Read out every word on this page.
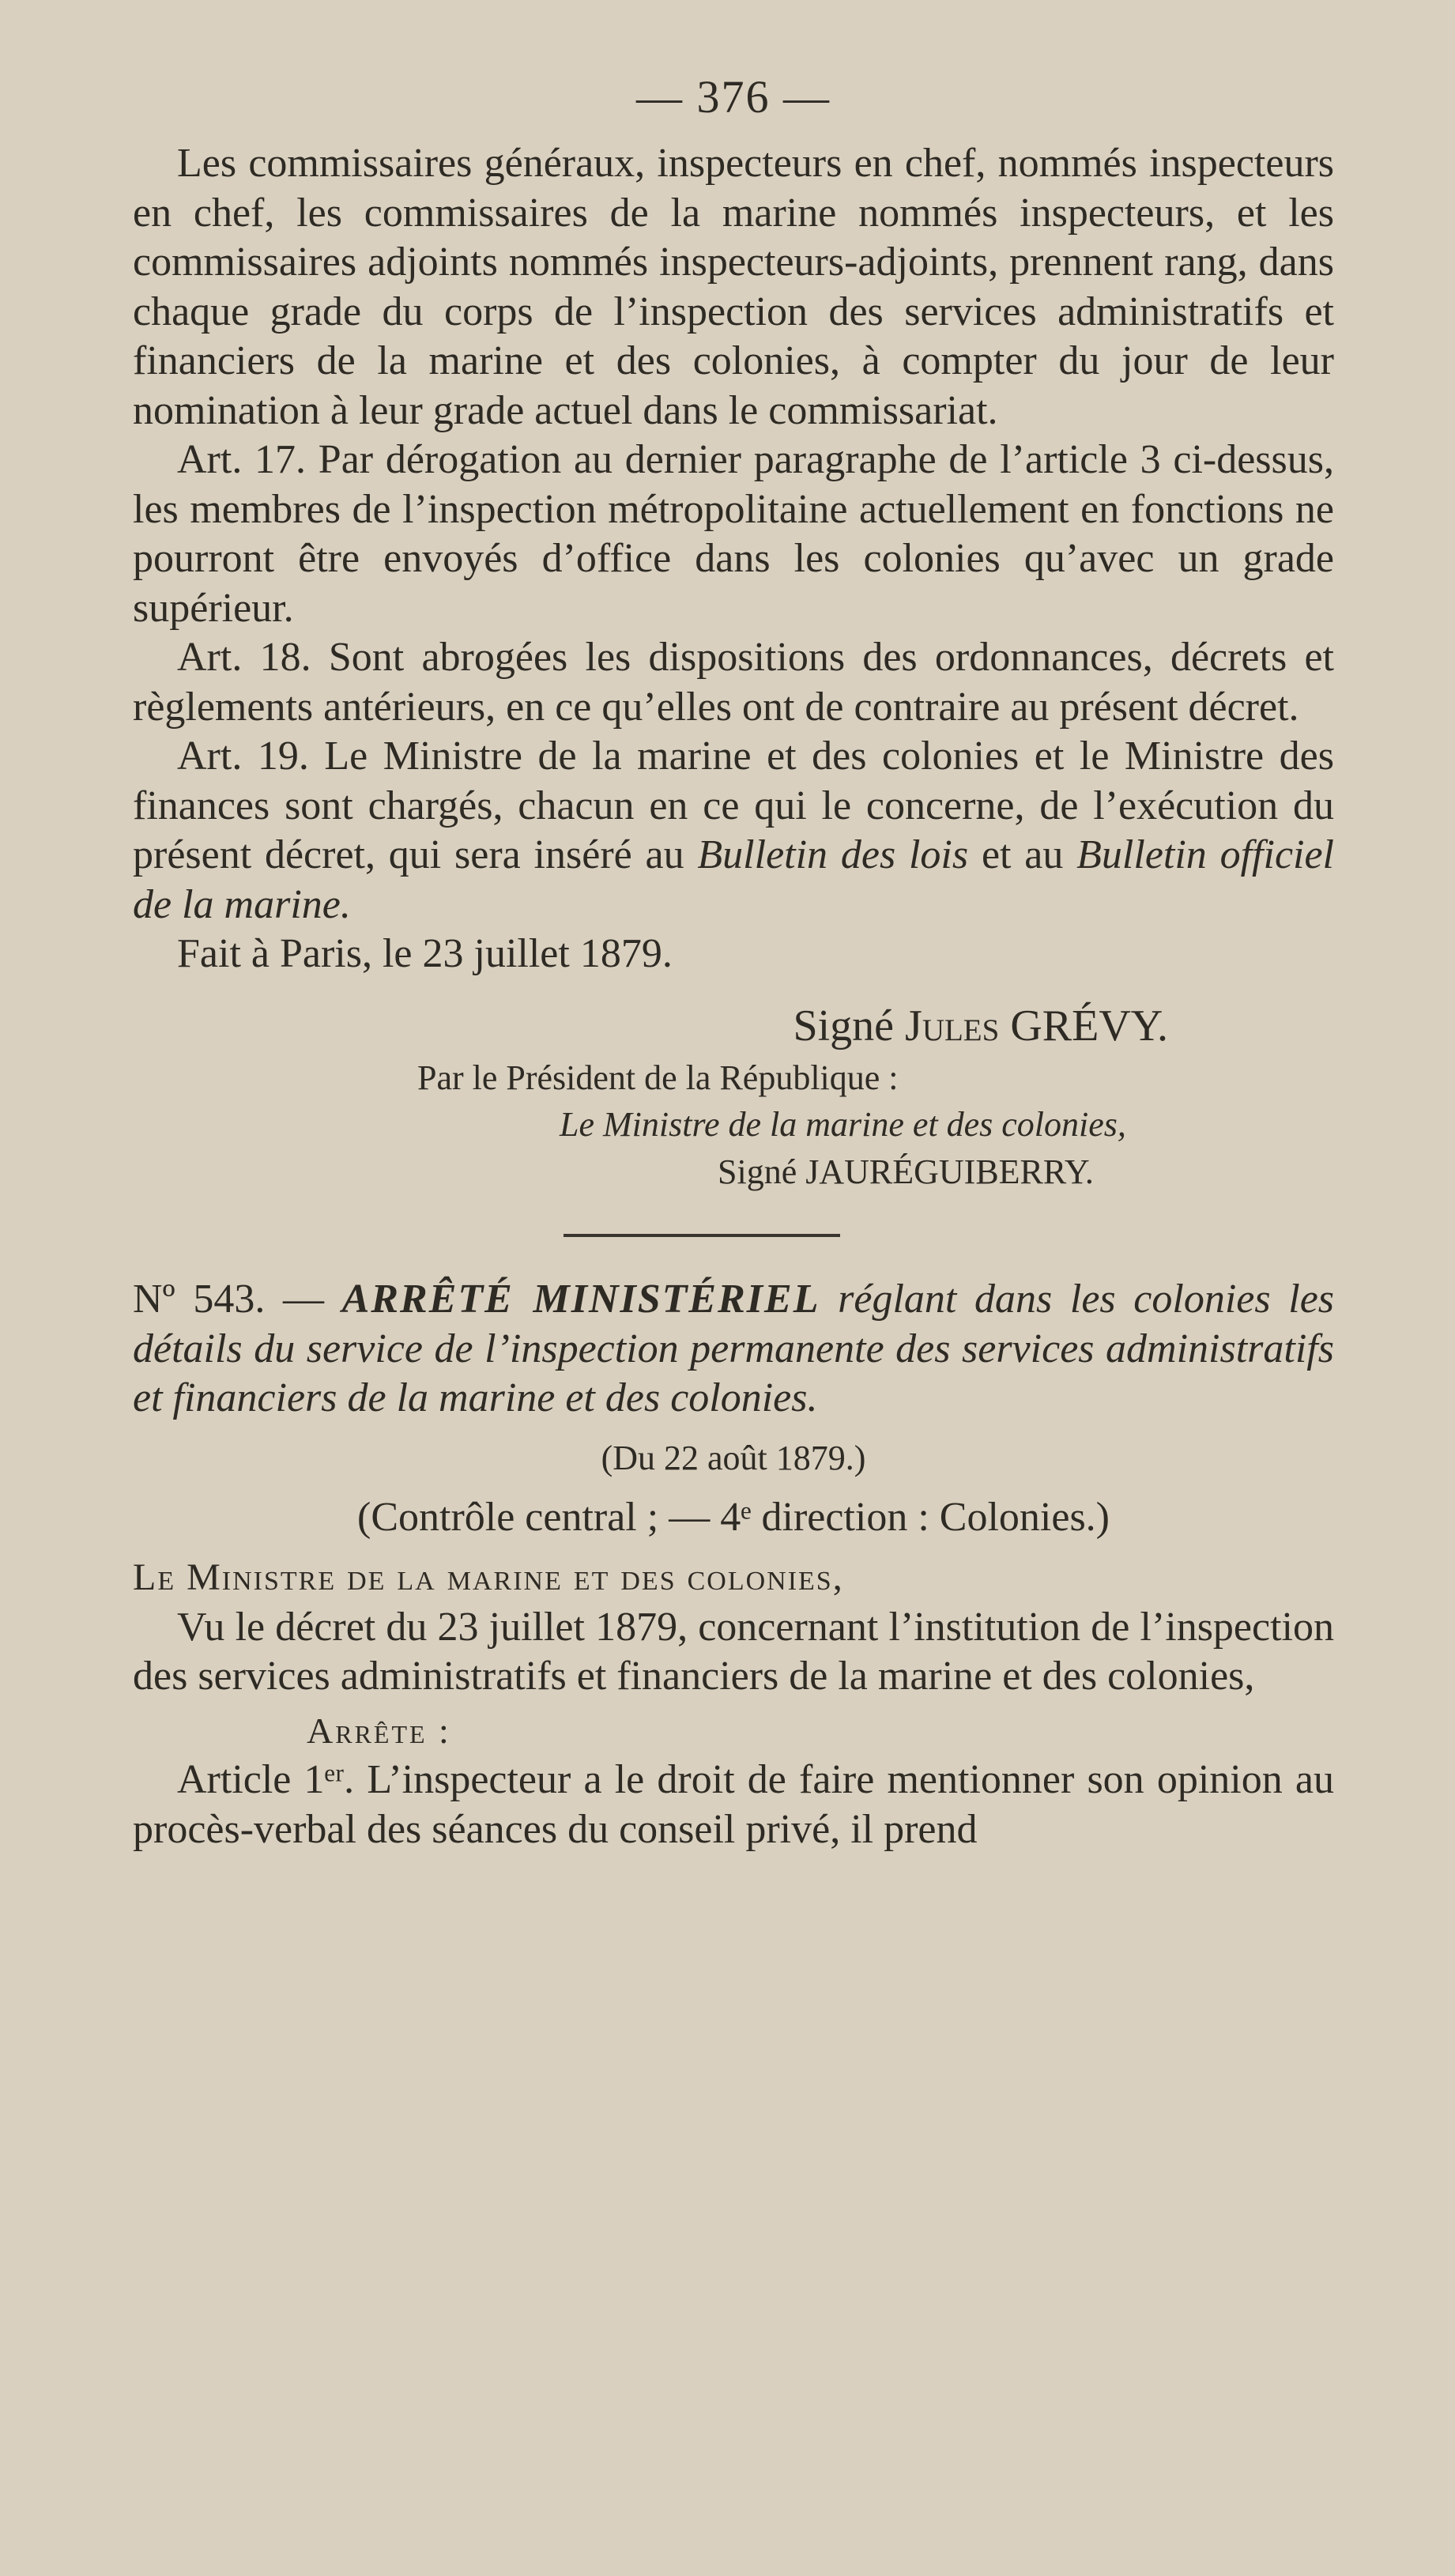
— 376 —

Les commissaires généraux, inspecteurs en chef, nommés inspecteurs en chef, les commissaires de la marine nommés inspecteurs, et les commissaires adjoints nommés inspecteurs-adjoints, prennent rang, dans chaque grade du corps de l’inspection des services administratifs et financiers de la marine et des colonies, à compter du jour de leur nomination à leur grade actuel dans le commissariat.

Art. 17. Par dérogation au dernier paragraphe de l’article 3 ci-dessus, les membres de l’inspection métropolitaine actuellement en fonctions ne pourront être envoyés d’office dans les colonies qu’avec un grade supérieur.

Art. 18. Sont abrogées les dispositions des ordonnances, décrets et règlements antérieurs, en ce qu’elles ont de contraire au présent décret.

Art. 19. Le Ministre de la marine et des colonies et le Ministre des finances sont chargés, chacun en ce qui le concerne, de l’exécution du présent décret, qui sera inséré au Bulletin des lois et au Bulletin officiel de la marine.

Fait à Paris, le 23 juillet 1879.

Signé Jules GRÉVY.

Par le Président de la République :

Le Ministre de la marine et des colonies,

Signé JAURÉGUIBERRY.

Nº 543. — ARRÊTÉ MINISTÉRIEL réglant dans les colonies les détails du service de l’inspection permanente des services administratifs et financiers de la marine et des colonies.

(Du 22 août 1879.)

(Contrôle central ; — 4ᵉ direction : Colonies.)

Le Ministre de la marine et des colonies,

Vu le décret du 23 juillet 1879, concernant l’institution de l’inspection des services administratifs et financiers de la marine et des colonies,

Arrête :

Article 1ᵉʳ. L’inspecteur a le droit de faire mentionner son opinion au procès-verbal des séances du conseil privé, il prend
